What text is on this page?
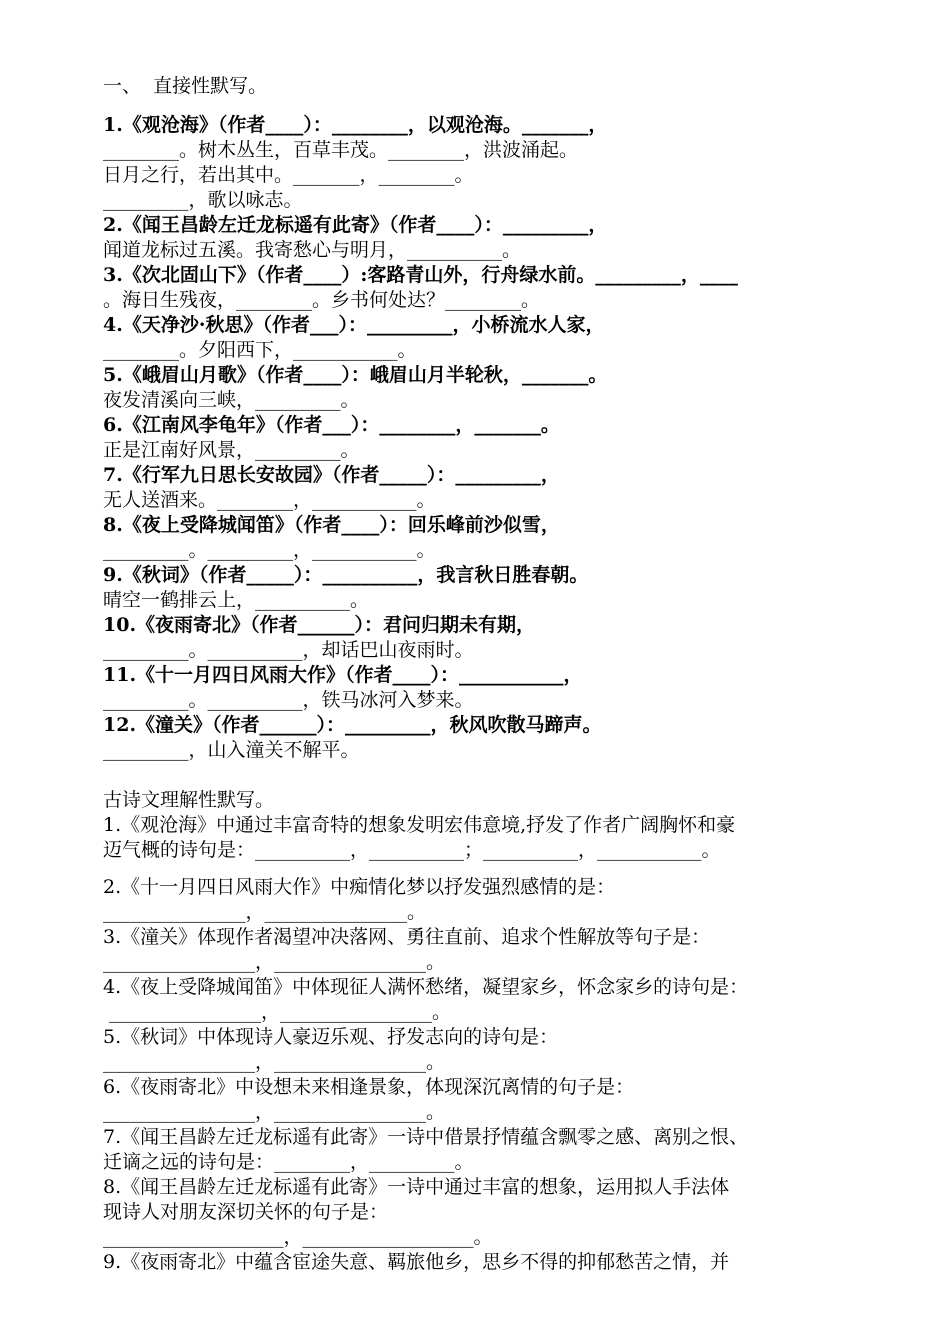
一、  直接性默写。
1.《观沧海》（作者____）：________，以观沧海。_______，
________。树木丛生，百草丰茂。________，洪波涌起。
日月之行，若出其中。_______，________。
_________，歌以咏志。
2.《闻王昌龄左迁龙标遥有此寄》（作者____）：_________，
闻道龙标过五溪。我寄愁心与明月，__________。
3.《次北固山下》（作者____）:客路青山外，行舟绿水前。_________，____
。海日生残夜，________。乡书何处达？________。
4.《天净沙·秋思》（作者___）：_________，小桥流水人家，
________。夕阳西下，___________。
5.《峨眉山月歌》（作者____）：峨眉山月半轮秋，_______。
夜发清溪向三峡，_________。
6.《江南风李龟年》（作者___）：________，_______。
正是江南好风景，_________。
7.《行军九日思长安故园》（作者_____）：_________，
无人送酒来。________，___________。
8.《夜上受降城闻笛》（作者____）：回乐峰前沙似雪，
_________。_________，___________。
9.《秋词》（作者_____）：__________，我言秋日胜春朝。
晴空一鹤排云上，__________。
10.《夜雨寄北》（作者______）：君问归期未有期，
_________。__________，却话巴山夜雨时。
11.《十一月四日风雨大作》（作者____）：___________，
_________。__________，铁马冰河入梦来。
12.《潼关》（作者______）：_________，秋风吹散马蹄声。
_________，山入潼关不解平。
古诗文理解性默写。
1.《观沧海》中通过丰富奇特的想象发明宏伟意境,抒发了作者广阔胸怀和豪
迈气概的诗句是：__________，__________；__________，___________。
2.《十一月四日风雨大作》中痴情化梦以抒发强烈感情的是：
_______________，_______________。
3.《潼关》体现作者渴望冲决落网、勇往直前、追求个性解放等句子是：
________________，________________。
4.《夜上受降城闻笛》中体现征人满怀愁绪，凝望家乡，怀念家乡的诗句是：
________________，________________。
5.《秋词》中体现诗人豪迈乐观、抒发志向的诗句是：
________________，________________。
6.《夜雨寄北》中设想未来相逢景象，体现深沉离情的句子是：
________________，________________。
7.《闻王昌龄左迁龙标遥有此寄》一诗中借景抒情蕴含飘零之感、离别之恨、
迁谪之远的诗句是：________，_________。
8.《闻王昌龄左迁龙标遥有此寄》一诗中通过丰富的想象，运用拟人手法体
现诗人对朋友深切关怀的句子是：
___________________，__________________。
9.《夜雨寄北》中蕴含宦途失意、羁旅他乡，思乡不得的抑郁愁苦之情，并
